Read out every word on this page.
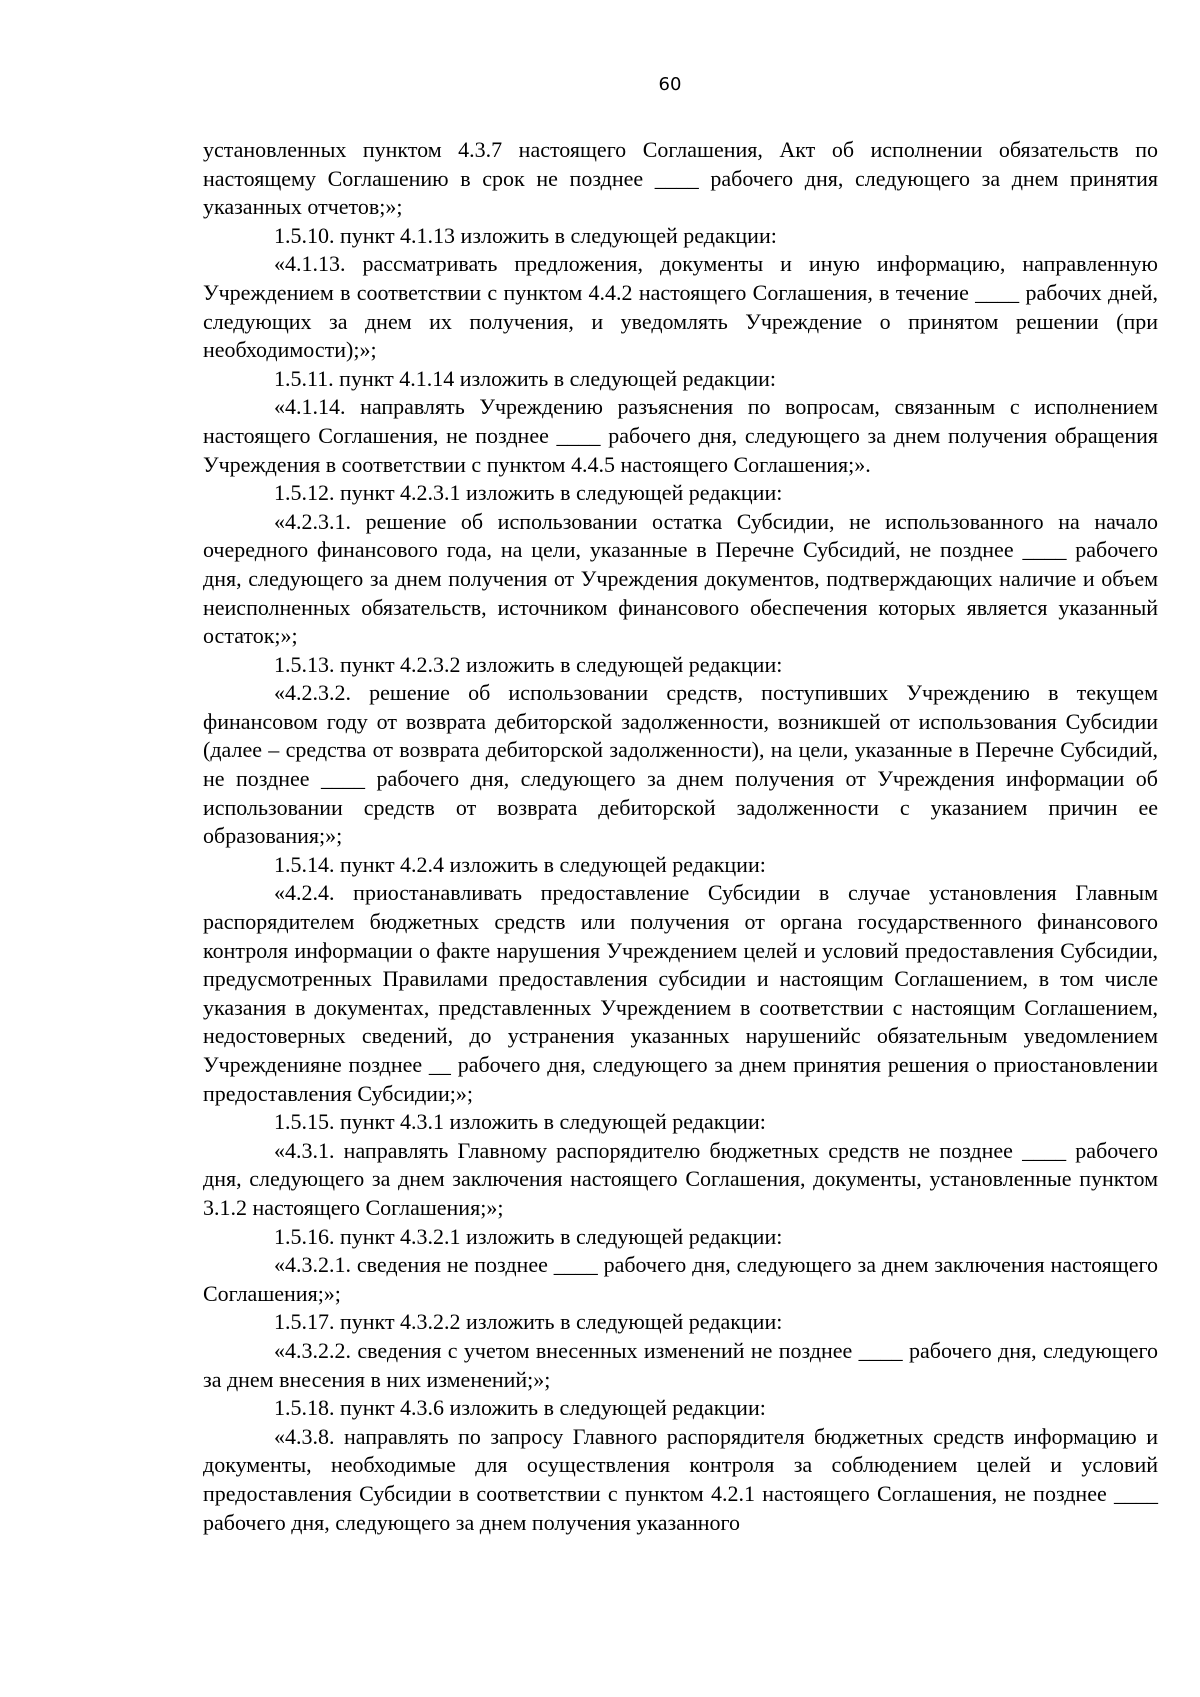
60

установленных пунктом 4.3.7 настоящего Соглашения, Акт об исполнении обязательств по настоящему Соглашению в срок не позднее ____ рабочего дня, следующего за днем принятия указанных отчетов;»;

1.5.10. пункт 4.1.13 изложить в следующей редакции:

«4.1.13. рассматривать предложения, документы и иную информацию, направленную Учреждением в соответствии с пунктом 4.4.2 настоящего Соглашения, в течение ____ рабочих дней, следующих за днем их получения, и уведомлять Учреждение о принятом решении (при необходимости);»;

1.5.11. пункт 4.1.14 изложить в следующей редакции:

«4.1.14. направлять Учреждению разъяснения по вопросам, связанным с исполнением настоящего Соглашения, не позднее ____ рабочего дня, следующего за днем получения обращения Учреждения в соответствии с пунктом 4.4.5 настоящего Соглашения;».

1.5.12. пункт 4.2.3.1 изложить в следующей редакции:

«4.2.3.1. решение об использовании остатка Субсидии, не использованного на начало очередного финансового года, на цели, указанные в Перечне Субсидий, не позднее ____ рабочего дня, следующего за днем получения от Учреждения документов, подтверждающих наличие и объем неисполненных обязательств, источником финансового обеспечения которых является указанный остаток;»;

1.5.13. пункт 4.2.3.2 изложить в следующей редакции:

«4.2.3.2. решение об использовании средств, поступивших Учреждению в текущем финансовом году от возврата дебиторской задолженности, возникшей от использования Субсидии (далее – средства от возврата дебиторской задолженности), на цели, указанные в Перечне Субсидий, не позднее ____ рабочего дня, следующего за днем получения от Учреждения информации об использовании средств от возврата дебиторской задолженности с указанием причин ее образования;»;

1.5.14. пункт 4.2.4 изложить в следующей редакции:

«4.2.4. приостанавливать предоставление Субсидии в случае установления Главным распорядителем бюджетных средств или получения от органа государственного финансового контроля информации о факте нарушения Учреждением целей и условий предоставления Субсидии, предусмотренных Правилами предоставления субсидии и настоящим Соглашением, в том числе указания в документах, представленных Учреждением в соответствии с настоящим Соглашением, недостоверных сведений, до устранения указанных нарушенийс обязательным уведомлением Учрежденияне позднее __ рабочего дня, следующего за днем принятия решения о приостановлении предоставления Субсидии;»;

1.5.15. пункт 4.3.1 изложить в следующей редакции:

«4.3.1. направлять Главному распорядителю бюджетных средств не позднее ____ рабочего дня, следующего за днем заключения настоящего Соглашения, документы, установленные пунктом 3.1.2 настоящего Соглашения;»;

1.5.16. пункт 4.3.2.1 изложить в следующей редакции:

«4.3.2.1. сведения не позднее ____ рабочего дня, следующего за днем заключения настоящего Соглашения;»;

1.5.17. пункт 4.3.2.2 изложить в следующей редакции:

«4.3.2.2. сведения с учетом внесенных изменений не позднее ____ рабочего дня, следующего за днем внесения в них изменений;»;

1.5.18. пункт 4.3.6 изложить в следующей редакции:

«4.3.8. направлять по запросу Главного распорядителя бюджетных средств информацию и документы, необходимые для осуществления контроля за соблюдением целей и условий предоставления Субсидии в соответствии с пунктом 4.2.1 настоящего Соглашения, не позднее ____ рабочего дня, следующего за днем получения указанного
